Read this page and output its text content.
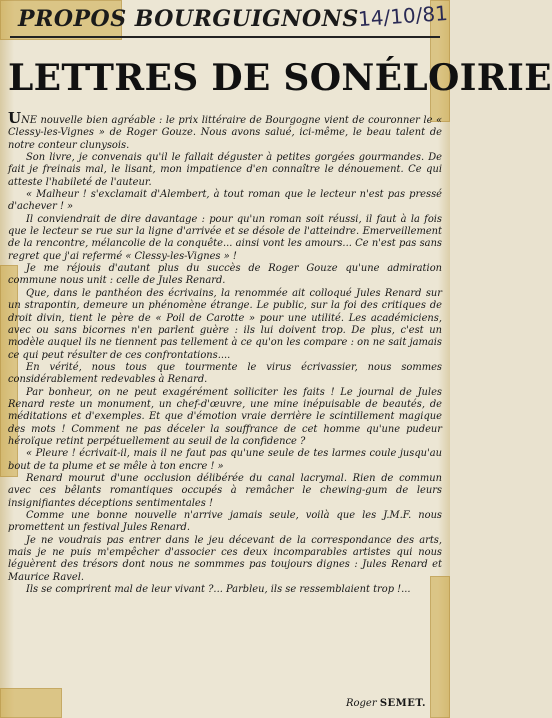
PROPOS BOURGUIGNONS
14/10/81
LETTRES DE SONÉLOIRIE

UNE nouvelle bien agréable : le prix littéraire de Bourgogne vient de couronner le « Clessy-les-Vignes » de Roger Gouze. Nous avons salué, ici-même, le beau talent de notre conteur clunysois.

Son livre, je convenais qu'il le fallait déguster à petites gorgées gourmandes. De fait je freinais mal, le lisant, mon impatience d'en connaître le dénouement. Ce qui atteste l'habileté de l'auteur.

« Malheur ! s'exclamait d'Alembert, à tout roman que le lecteur n'est pas pressé d'achever ! »

Il conviendrait de dire davantage : pour qu'un roman soit réussi, il faut à la fois que le lecteur se rue sur la ligne d'arrivée et se désole de l'atteindre. Emerveillement de la rencontre, mélancolie de la conquête... ainsi vont les amours... Ce n'est pas sans regret que j'ai refermé « Clessy-les-Vignes » !

Je me réjouis d'autant plus du succès de Roger Gouze qu'une admiration commune nous unit : celle de Jules Renard.

Que, dans le panthéon des écrivains, la renommée ait colloqué Jules Renard sur un strapontin, demeure un phénomène étrange. Le public, sur la foi des critiques de droit divin, tient le père de « Poil de Carotte » pour une utilité. Les académiciens, avec ou sans bicornes n'en parlent guère : ils lui doivent trop. De plus, c'est un modèle auquel ils ne tiennent pas tellement à ce qu'on les compare : on ne sait jamais ce qui peut résulter de ces confrontations....

En vérité, nous tous que tourmente le virus écrivassier, nous sommes considérablement redevables à Renard.

Par bonheur, on ne peut exagérément solliciter les faits ! Le journal de Jules Renard reste un monument, un chef-d'œuvre, une mine inépuisable de beautés, de méditations et d'exemples. Et que d'émotion vraie derrière le scintillement magique des mots ! Comment ne pas déceler la souffrance de cet homme qu'une pudeur héroïque retint perpétuellement au seuil de la confidence ?

« Pleure ! écrivait-il, mais il ne faut pas qu'une seule de tes larmes coule jusqu'au bout de ta plume et se mêle à ton encre ! »

Renard mourut d'une occlusion délibérée du canal lacrymal. Rien de commun avec ces bêlants romantiques occupés à remâcher le chewing-gum de leurs insignifiantes déceptions sentimentales !

Comme une bonne nouvelle n'arrive jamais seule, voilà que les J.M.F. nous promettent un festival Jules Renard.

Je ne voudrais pas entrer dans le jeu décevant de la correspondance des arts, mais je ne puis m'empêcher d'associer ces deux incomparables artistes qui nous léguèrent des trésors dont nous ne sommmes pas toujours dignes : Jules Renard et Maurice Ravel.

Ils se comprirent mal de leur vivant ?... Parbleu, ils se ressemblaient trop !...

Roger SEMET.
